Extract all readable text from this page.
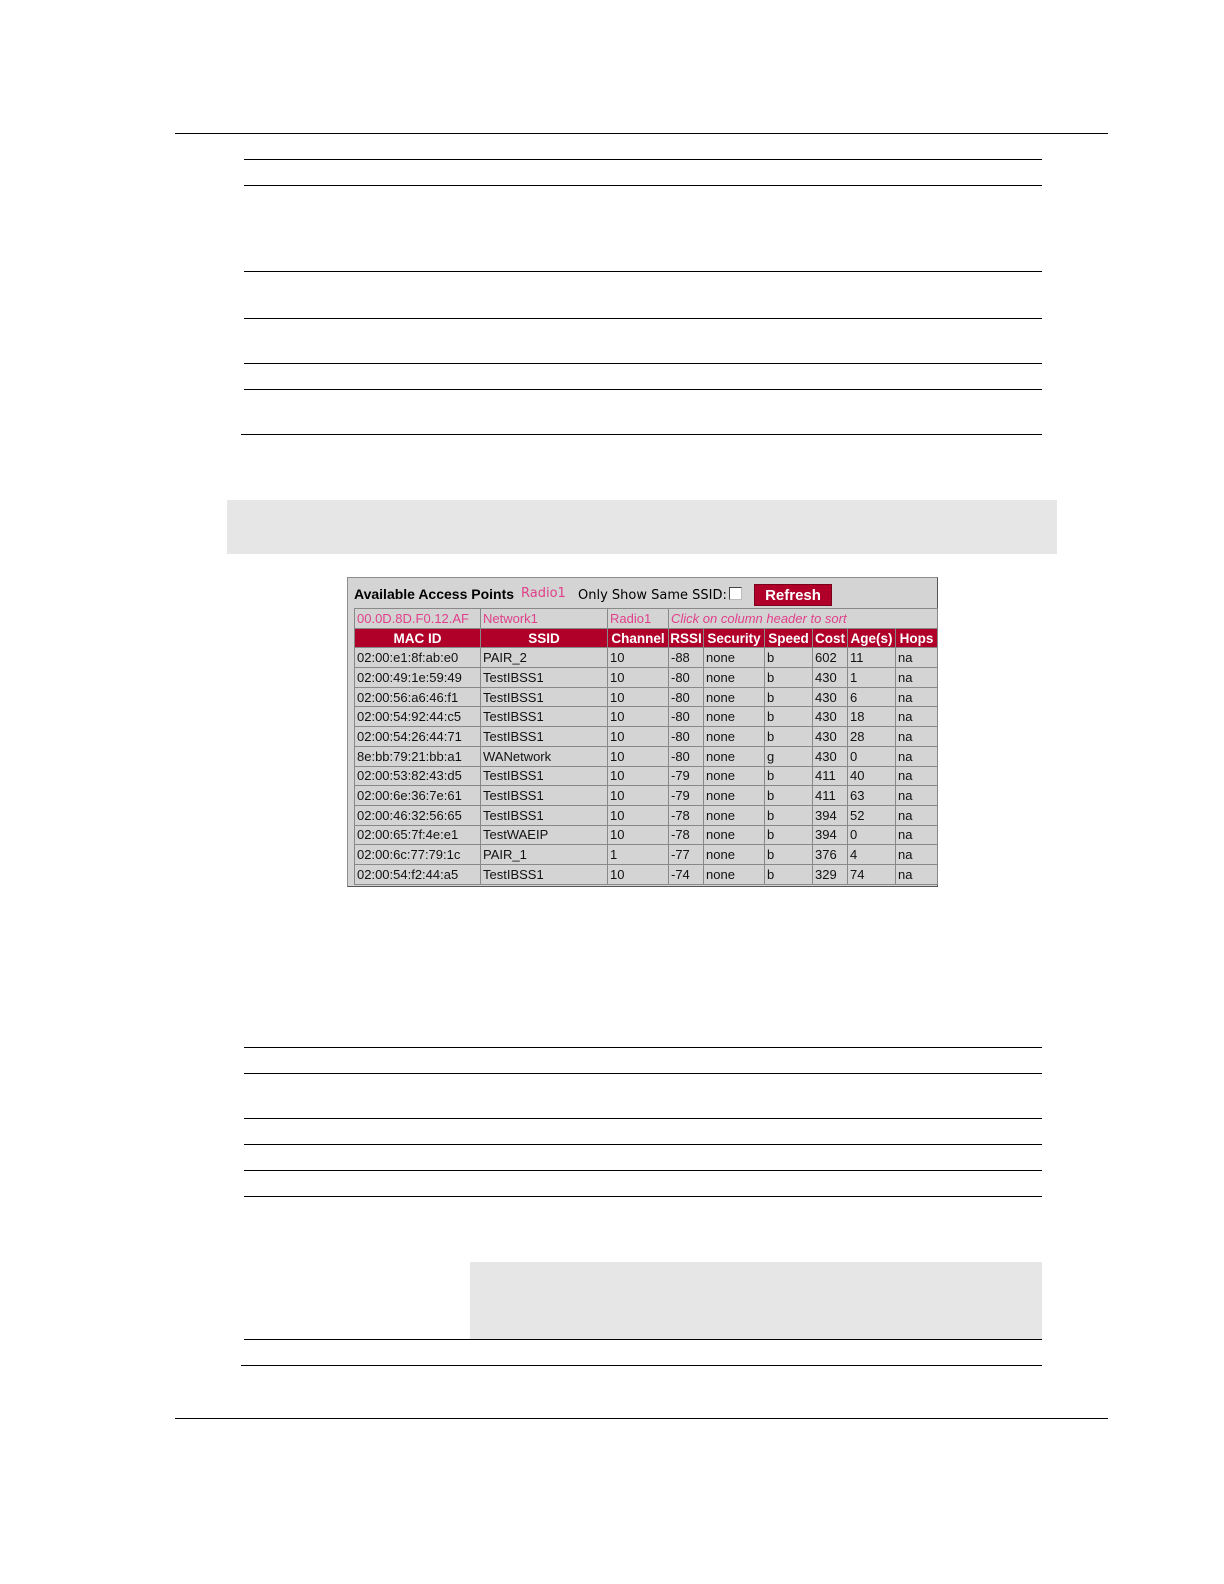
Available Access Points Radio1 Only Show Same SSID:	Refresh
00.0D.8D.F0.12.AF	Network1	Radio1	Click on column header to sort					
MAC ID	SSID	Channel	RSSI	Security	Speed	Cost	Age(s)	Hops
02:00:e1:8f:ab:e0	PAIR_2	10	-88	none	b	602	11	na
02:00:49:1e:59:49	TestIBSS1	10	-80	none	b	430	1	na
02:00:56:a6:46:f1	TestIBSS1	10	-80	none	b	430	6	na
02:00:54:92:44:c5	TestIBSS1	10	-80	none	b	430	18	na
02:00:54:26:44:71	TestIBSS1	10	-80	none	b	430	28	na
8e:bb:79:21:bb:a1	WANetwork	10	-80	none	g	430	0	na
02:00:53:82:43:d5	TestIBSS1	10	-79	none	b	411	40	na
02:00:6e:36:7e:61	TestIBSS1	10	-79	none	b	411	63	na
02:00:46:32:56:65	TestIBSS1	10	-78	none	b	394	52	na
02:00:65:7f:4e:e1	TestWAEIP	10	-78	none	b	394	0	na
02:00:6c:77:79:1c	PAIR_1	1	-77	none	b	376	4	na
02:00:54:f2:44:a5	TestIBSS1	10	-74	none	b	329	74	na
